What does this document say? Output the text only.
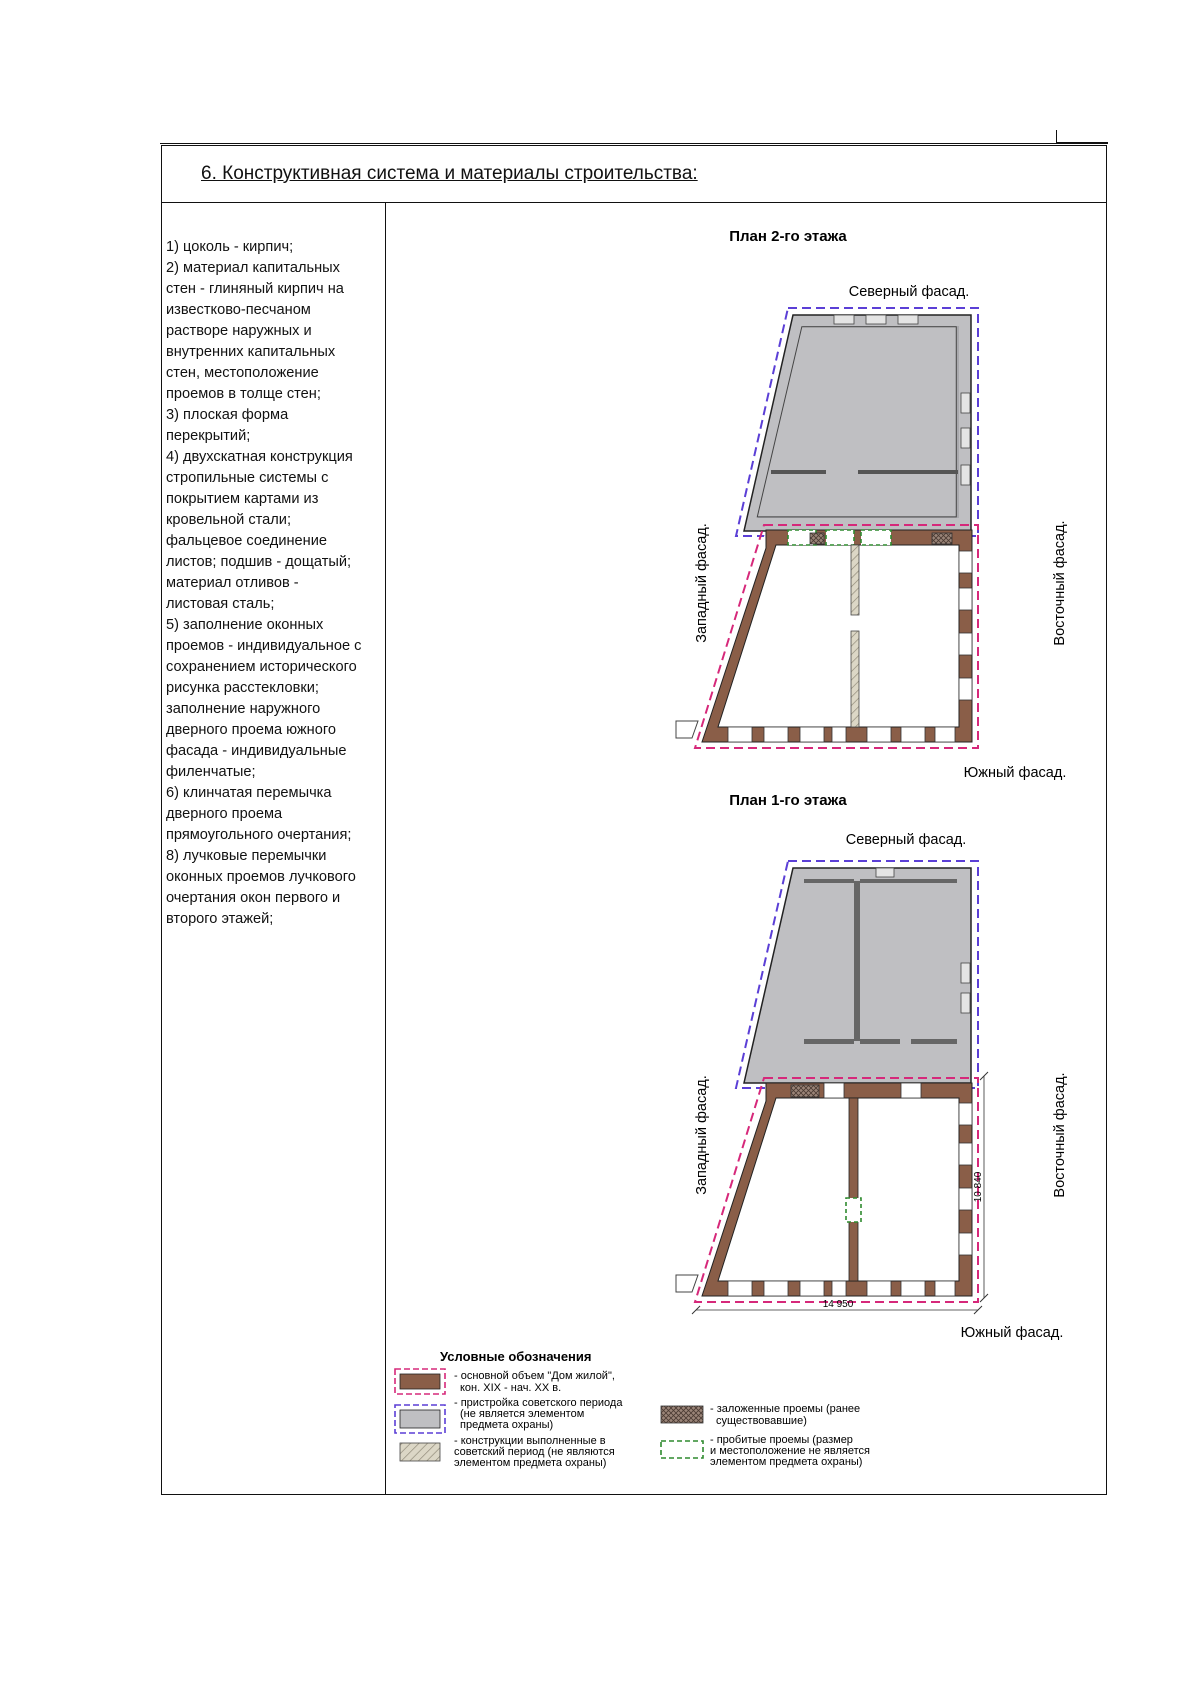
6. Конструктивная система и материалы строительства:
1) цоколь - кирпич;
2) материал капитальных
стен - глиняный кирпич на
известково-песчаном
растворе наружных и
внутренних капитальных
стен, местоположение
проемов в толще стен;
3) плоская форма
перекрытий;
4) двухскатная конструкция
стропильные системы с
покрытием картами из
кровельной стали;
фальцевое соединение
листов; подшив - дощатый;
материал отливов -
листовая сталь;
5) заполнение оконных
проемов - индивидуальное с
сохранением исторического
рисунка расстекловки;
заполнение наружного
дверного проема южного
фасада - индивидуальные
филенчатые;
6) клинчатая перемычка
дверного проема
прямоугольного очертания;
8) лучковые перемычки
оконных проемов лучкового
очертания окон первого и
второго этажей;
План 2-го этажа
Северный фасад.
Западный фасад.	Восточный фасад.
Южный фасад.
План 1-го этажа
Северный фасад.
Западный фасад.	Восточный фасад.
Южный фасад.
14 950
10 840
Условные обозначения
- основной объем "Дом жилой", кон. XIX - нач. XX в.
- пристройка советского периода (не является элементом предмета охраны)
- конструкции выполненные в советский период (не являются элементом предмета охраны)
- заложенные проемы (ранее существовавшие)
- пробитые проемы (размер и местоположение не является элементом предмета охраны)
